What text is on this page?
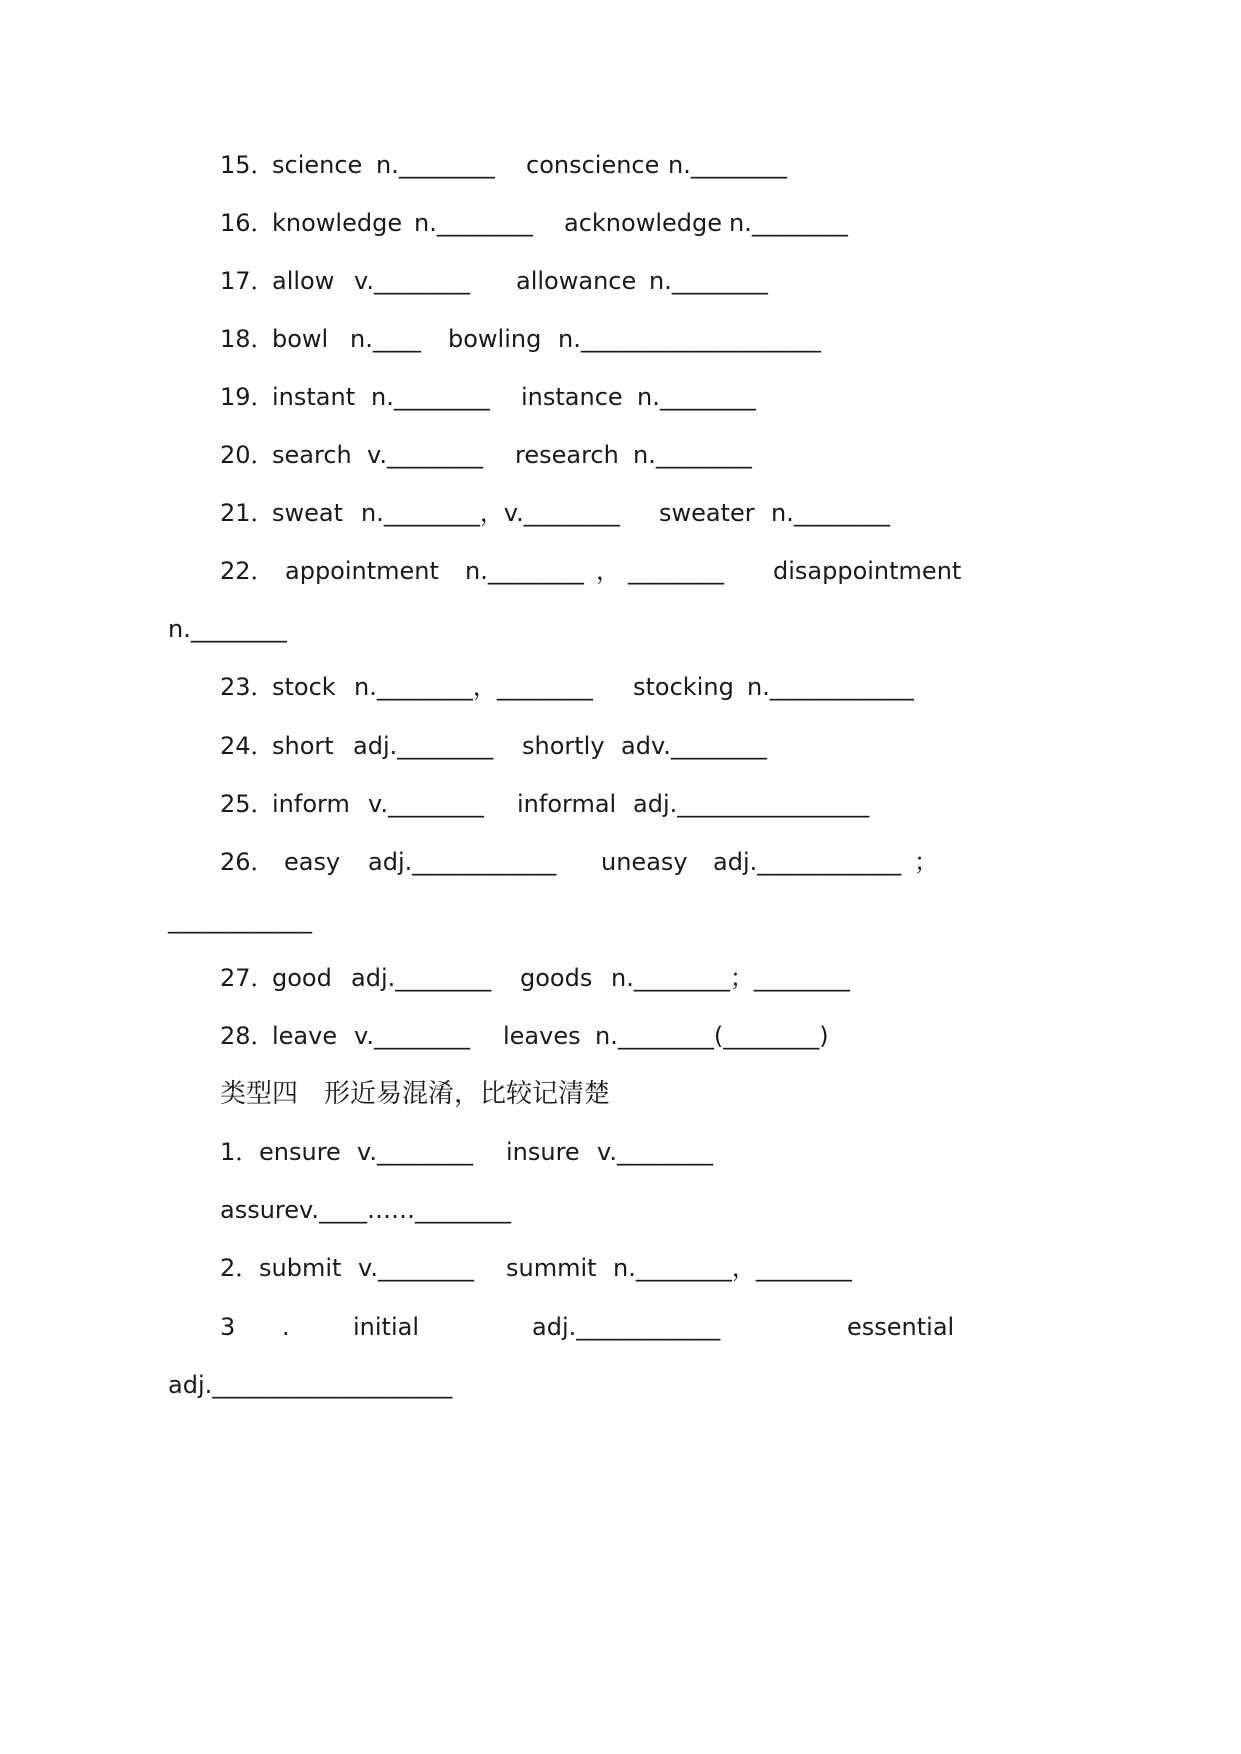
15．

science

n.________

conscience

n.________

16．

knowledge

n.________

acknowledge

n.________

17．

allow

v.________

allowance

n.________

18．

bowl

n.____

bowling

n.____________________

19．

instant

n.________

instance

n.________

20．

search

v.________

research

n.________

21．

sweat

n.________，v.________

sweater

n.________

22．

appointment

n.________

，

________

disappointment

n.________

23．

stock

n.________，________

stocking

n.____________

24．

short

adj.________

shortly

adv.________

25．

inform

v.________

informal

adj.________________

26．

easy

adj.____________

uneasy

adj.____________

；

____________

27．

good

adj.________

goods

n.________；________

28．

leave

v.________

leaves

n.________(________)

类型四　形近易混淆，比较记清楚

1．

ensure

v.________

insure

v.________

assurev.____……________

2．

submit

v.________

summit

n.________，________

3

.

	initial

	adj.____________

	essential

adj.____________________
